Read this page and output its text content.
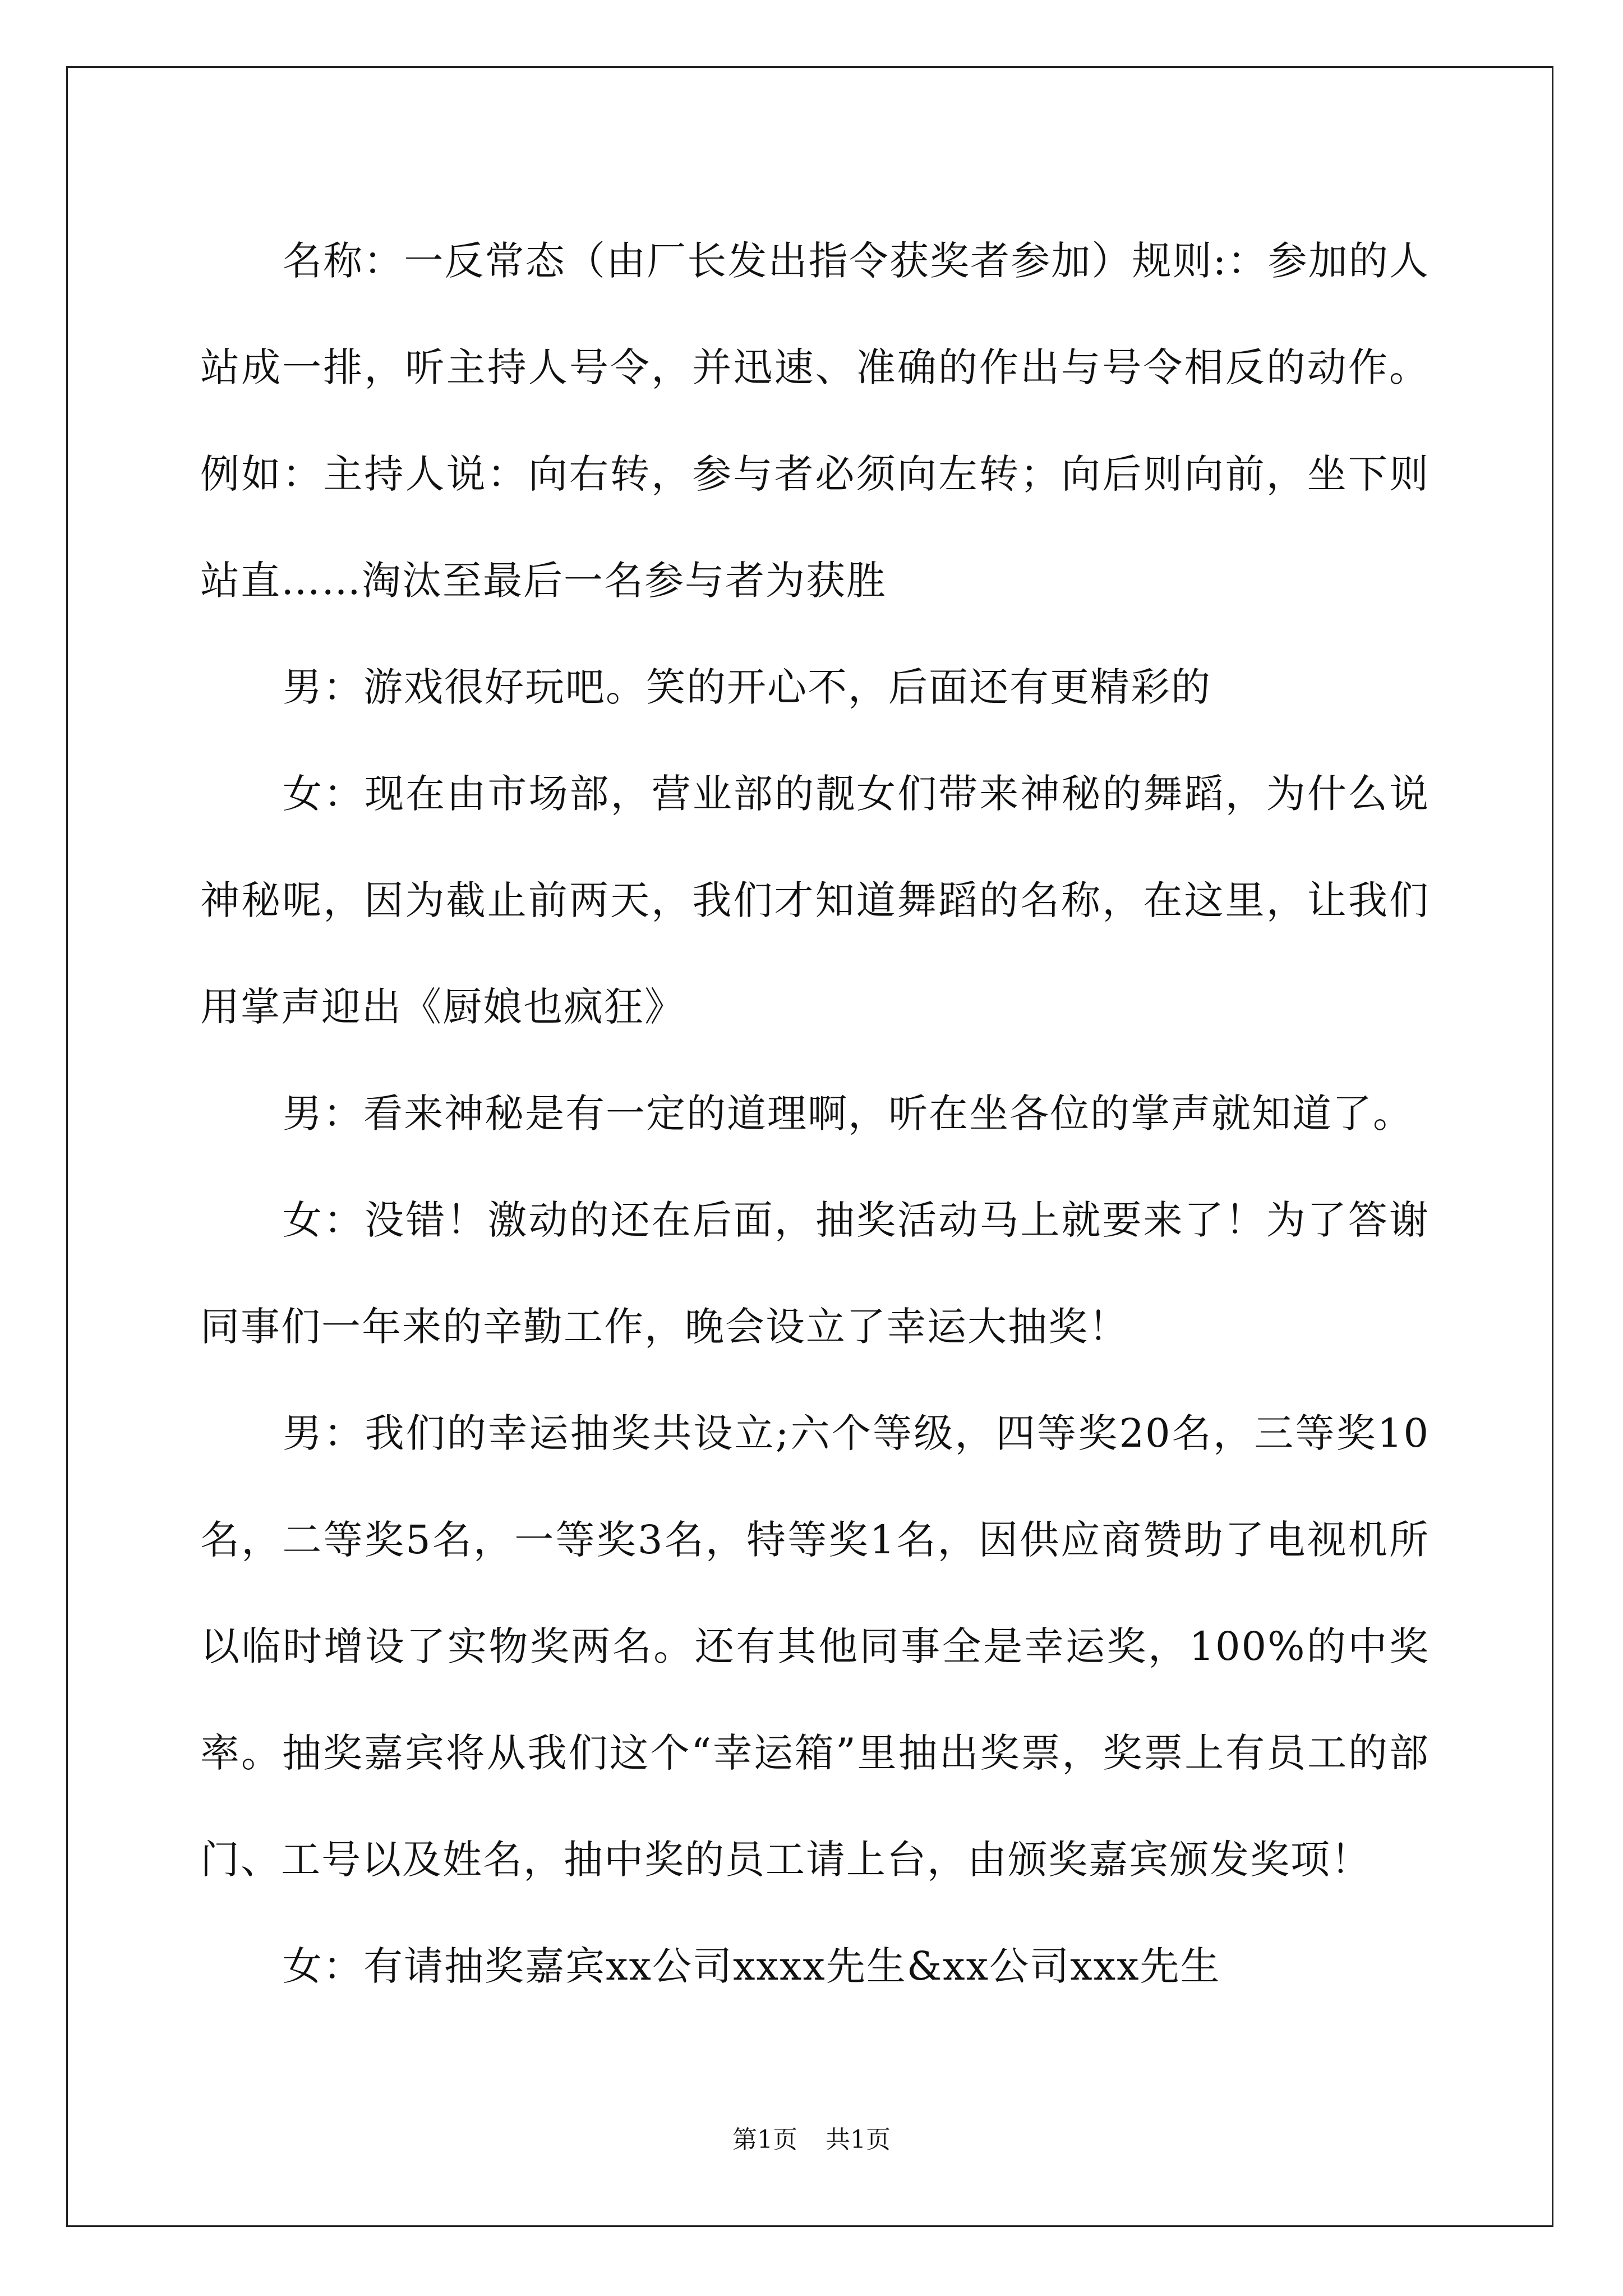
名称：一反常态（由厂长发出指令获奖者参加）规则:：参加的人站成一排，听主持人号令，并迅速、准确的作出与号令相反的动作。例如：主持人说：向右转，参与者必须向左转；向后则向前，坐下则站直……淘汰至最后一名参与者为获胜

男：游戏很好玩吧。笑的开心不，后面还有更精彩的

女：现在由市场部，营业部的靓女们带来神秘的舞蹈，为什么说神秘呢，因为截止前两天，我们才知道舞蹈的名称，在这里，让我们用掌声迎出《厨娘也疯狂》

男：看来神秘是有一定的道理啊，听在坐各位的掌声就知道了。

女：没错！激动的还在后面，抽奖活动马上就要来了！为了答谢同事们一年来的辛勤工作，晚会设立了幸运大抽奖！

男：我们的幸运抽奖共设立;六个等级，四等奖20名，三等奖10名，二等奖5名，一等奖3名，特等奖1名，因供应商赞助了电视机所以临时增设了实物奖两名。还有其他同事全是幸运奖，100%的中奖率。抽奖嘉宾将从我们这个“幸运箱”里抽出奖票，奖票上有员工的部门、工号以及姓名，抽中奖的员工请上台，由颁奖嘉宾颁发奖项！

女：有请抽奖嘉宾xx公司xxxx先生&xx公司xxx先生

第1页 共1页
